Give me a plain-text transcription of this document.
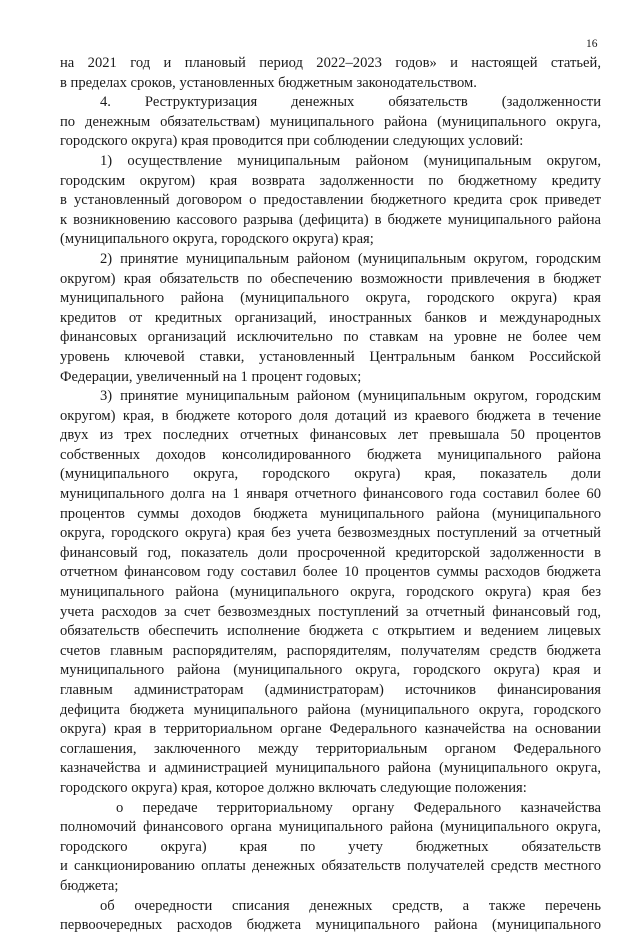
16
на 2021 год и плановый период 2022–2023 годов» и настоящей статьей,
в пределах сроков, установленных бюджетным законодательством.
4. Реструктуризация денежных обязательств (задолженности
по денежным обязательствам) муниципального района (муниципального округа,
городского округа) края проводится при соблюдении следующих условий:
1) осуществление муниципальным районом (муниципальным округом,
городским округом) края возврата задолженности по бюджетному кредиту
в установленный договором о предоставлении бюджетного кредита срок приведет
к возникновению кассового разрыва (дефицита) в бюджете муниципального района
(муниципального округа, городского округа) края;
2) принятие муниципальным районом (муниципальным округом, городским
округом) края обязательств по обеспечению возможности привлечения в бюджет
муниципального района (муниципального округа, городского округа) края
кредитов от кредитных организаций, иностранных банков и международных
финансовых организаций исключительно по ставкам на уровне не более чем
уровень ключевой ставки, установленный Центральным банком Российской
Федерации, увеличенный на 1 процент годовых;
3) принятие муниципальным районом (муниципальным округом, городским
округом) края, в бюджете которого доля дотаций из краевого бюджета в течение
двух из трех последних отчетных финансовых лет превышала 50 процентов
собственных доходов консолидированного бюджета муниципального района
(муниципального округа, городского округа) края, показатель доли
муниципального долга на 1 января отчетного финансового года составил более 60
процентов суммы доходов бюджета муниципального района (муниципального
округа, городского округа) края без учета безвозмездных поступлений за отчетный
финансовый год, показатель доли просроченной кредиторской задолженности в
отчетном финансовом году составил более 10 процентов суммы расходов бюджета
муниципального района (муниципального округа, городского округа) края без
учета расходов за счет безвозмездных поступлений за отчетный финансовый год,
обязательств обеспечить исполнение бюджета с открытием и ведением лицевых
счетов главным распорядителям, распорядителям, получателям средств бюджета
муниципального района (муниципального округа, городского округа) края и
главным администраторам (администраторам) источников финансирования
дефицита бюджета муниципального района (муниципального округа, городского
округа) края в территориальном органе Федерального казначейства на основании
соглашения, заключенного между территориальным органом Федерального
казначейства и администрацией муниципального района (муниципального округа,
городского округа) края, которое должно включать следующие положения:
о передаче территориальному органу Федерального казначейства
полномочий финансового органа муниципального района (муниципального округа,
городского округа) края по учету бюджетных обязательств
и санкционированию оплаты денежных обязательств получателей средств местного
бюджета;
об очередности списания денежных средств, а также перечень
первоочередных расходов бюджета муниципального района (муниципального
